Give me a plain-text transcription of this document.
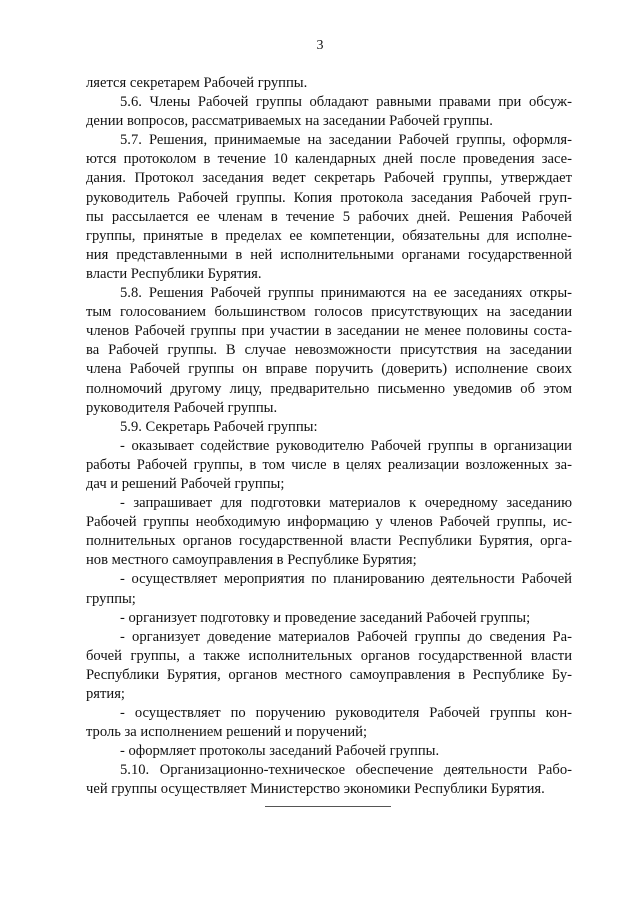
3
ляется секретарем Рабочей группы.
5.6. Члены Рабочей группы обладают равными правами при обсуж-
дении вопросов, рассматриваемых на заседании Рабочей группы.
5.7. Решения, принимаемые на заседании Рабочей группы, оформля-
ются протоколом в течение 10 календарных дней после проведения засе-
дания. Протокол заседания ведет секретарь Рабочей группы, утверждает
руководитель Рабочей группы. Копия протокола заседания Рабочей груп-
пы рассылается ее членам в течение 5 рабочих дней. Решения Рабочей
группы, принятые в пределах ее компетенции, обязательны для исполне-
ния представленными в ней исполнительными органами государственной
власти Республики Бурятия.
5.8. Решения Рабочей группы принимаются на ее заседаниях откры-
тым голосованием большинством голосов присутствующих на заседании
членов Рабочей группы при участии в заседании не менее половины соста-
ва Рабочей группы. В случае невозможности присутствия на заседании
члена Рабочей группы он вправе поручить (доверить) исполнение своих
полномочий другому лицу, предварительно письменно уведомив об этом
руководителя Рабочей группы.
5.9. Секретарь Рабочей группы:
- оказывает содействие руководителю Рабочей группы в организации
работы Рабочей группы, в том числе в целях реализации возложенных за-
дач и решений Рабочей группы;
- запрашивает для подготовки материалов к очередному заседанию
Рабочей группы необходимую информацию у членов Рабочей группы, ис-
полнительных органов государственной власти Республики Бурятия, орга-
нов местного самоуправления в Республике Бурятия;
- осуществляет мероприятия по планированию деятельности Рабочей
группы;
- организует подготовку и проведение заседаний Рабочей группы;
- организует доведение материалов Рабочей группы до сведения Ра-
бочей группы, а также исполнительных органов государственной власти
Республики Бурятия, органов местного самоуправления в Республике Бу-
рятия;
- осуществляет по поручению руководителя Рабочей группы кон-
троль за исполнением решений и поручений;
- оформляет протоколы заседаний Рабочей группы.
5.10. Организационно-техническое обеспечение деятельности Рабо-
чей группы осуществляет Министерство экономики Республики Бурятия.
